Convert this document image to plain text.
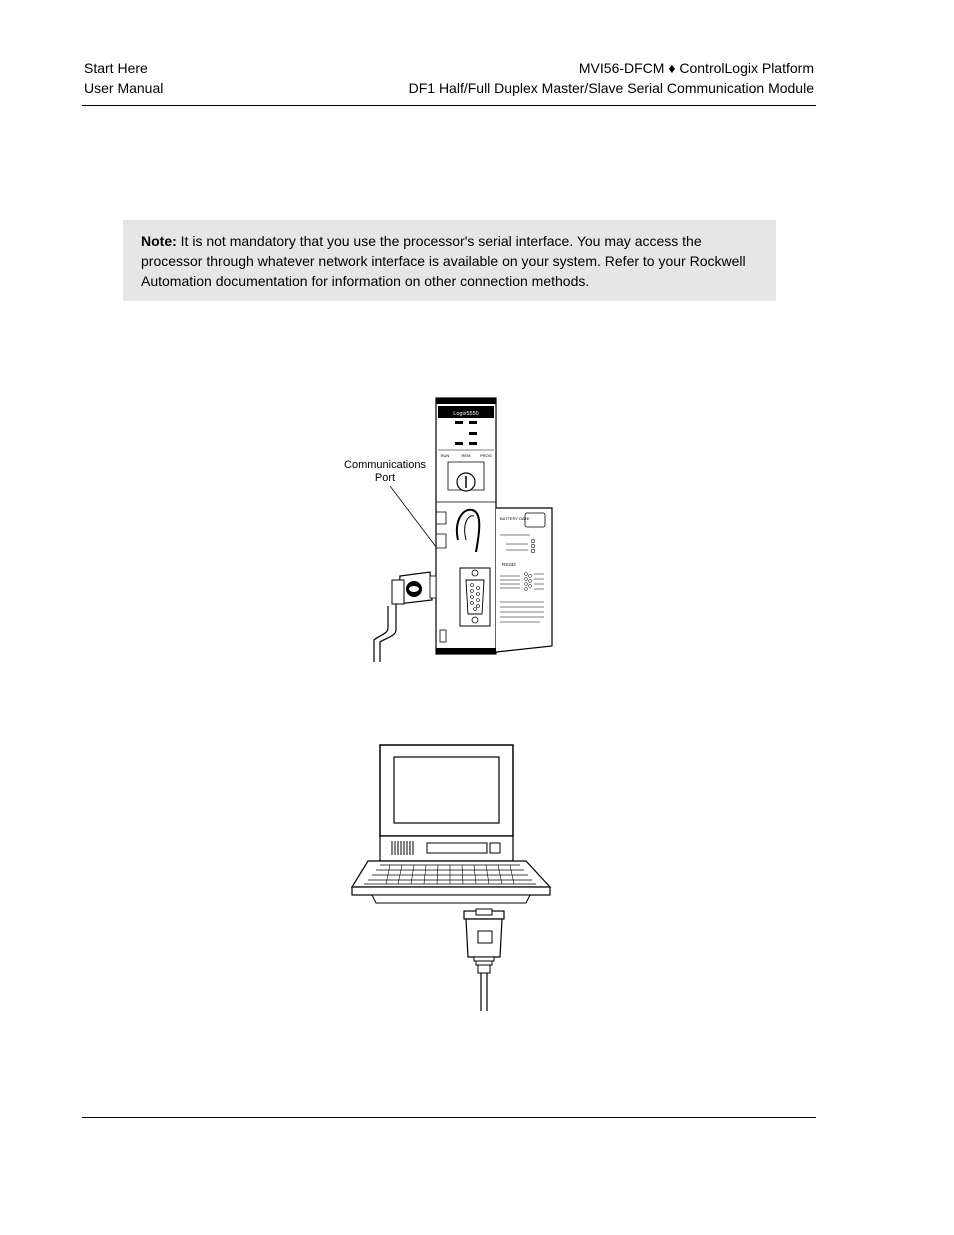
Start Here
User Manual
MVI56-DFCM ♦ ControlLogix Platform
DF1 Half/Full Duplex Master/Slave Serial Communication Module
Note: It is not mandatory that you use the processor's serial interface. You may access the processor through whatever network interface is available on your system. Refer to your Rockwell Automation documentation for information on other connection methods.
Communications
Port
Logix5550
RUN	REM PROG
BATTERY DATE
RS232
